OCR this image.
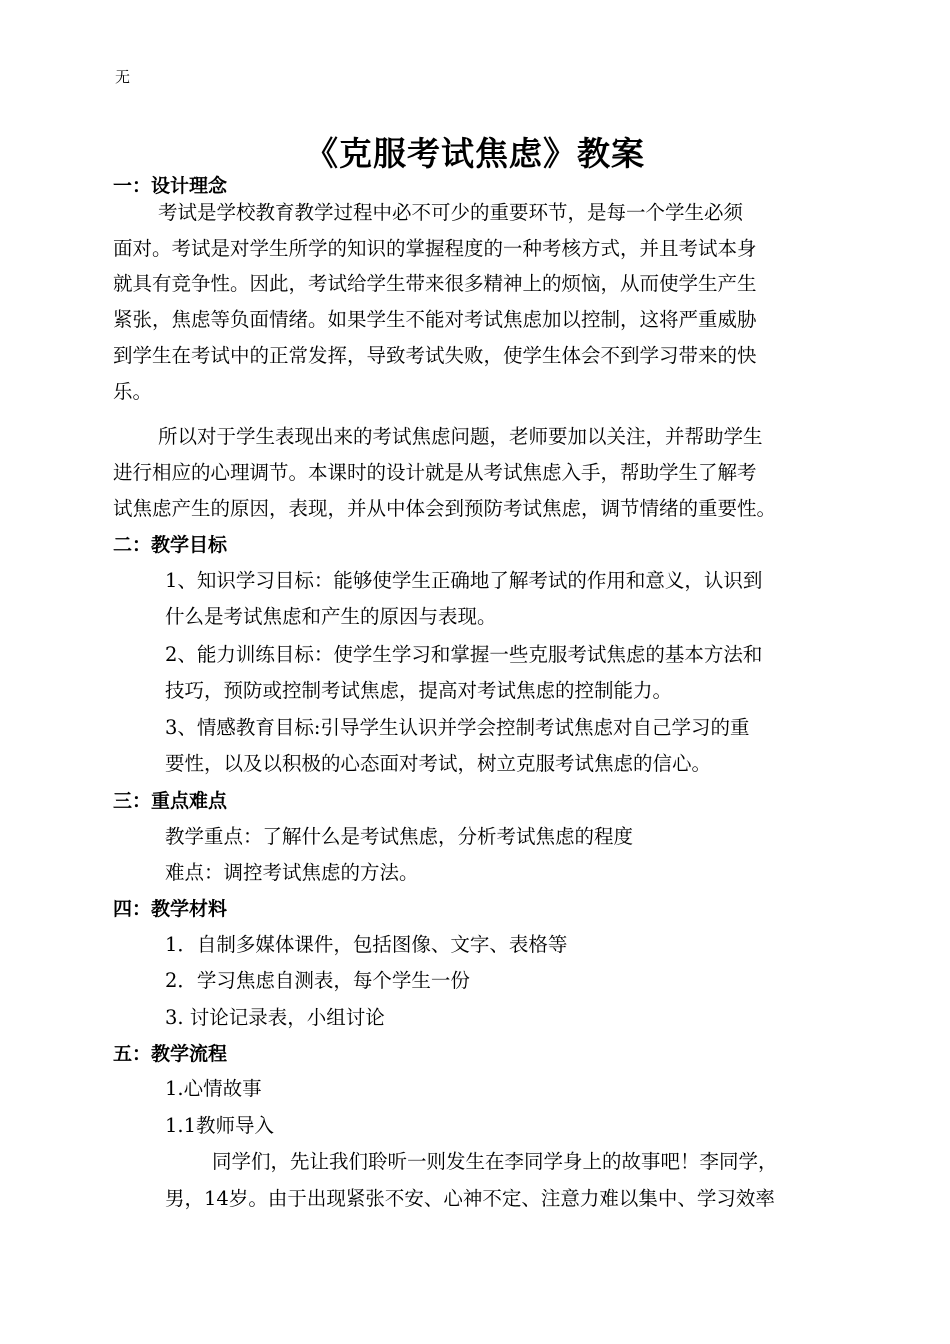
无
《克服考试焦虑》教案
一：设计理念
考试是学校教育教学过程中必不可少的重要环节，是每一个学生必须
面对。考试是对学生所学的知识的掌握程度的一种考核方式，并且考试本身
就具有竞争性。因此，考试给学生带来很多精神上的烦恼，从而使学生产生
紧张，焦虑等负面情绪。如果学生不能对考试焦虑加以控制，这将严重威胁
到学生在考试中的正常发挥，导致考试失败，使学生体会不到学习带来的快
乐。
所以对于学生表现出来的考试焦虑问题，老师要加以关注，并帮助学生
进行相应的心理调节。本课时的设计就是从考试焦虑入手，帮助学生了解考
试焦虑产生的原因，表现，并从中体会到预防考试焦虑，调节情绪的重要性。
二：教学目标
1、知识学习目标：能够使学生正确地了解考试的作用和意义，认识到
什么是考试焦虑和产生的原因与表现。
2、能力训练目标：使学生学习和掌握一些克服考试焦虑的基本方法和
技巧，预防或控制考试焦虑，提高对考试焦虑的控制能力。
3、情感教育目标:引导学生认识并学会控制考试焦虑对自己学习的重
要性，以及以积极的心态面对考试，树立克服考试焦虑的信心。
三：重点难点
教学重点：了解什么是考试焦虑，分析考试焦虑的程度
难点：调控考试焦虑的方法。
四：教学材料
1．自制多媒体课件，包括图像、文字、表格等
2．学习焦虑自测表，每个学生一份
3. 讨论记录表，小组讨论
五：教学流程
1.心情故事
1.1教师导入
同学们，先让我们聆听一则发生在李同学身上的故事吧！李同学，
男，14岁。由于出现紧张不安、心神不定、注意力难以集中、学习效率
